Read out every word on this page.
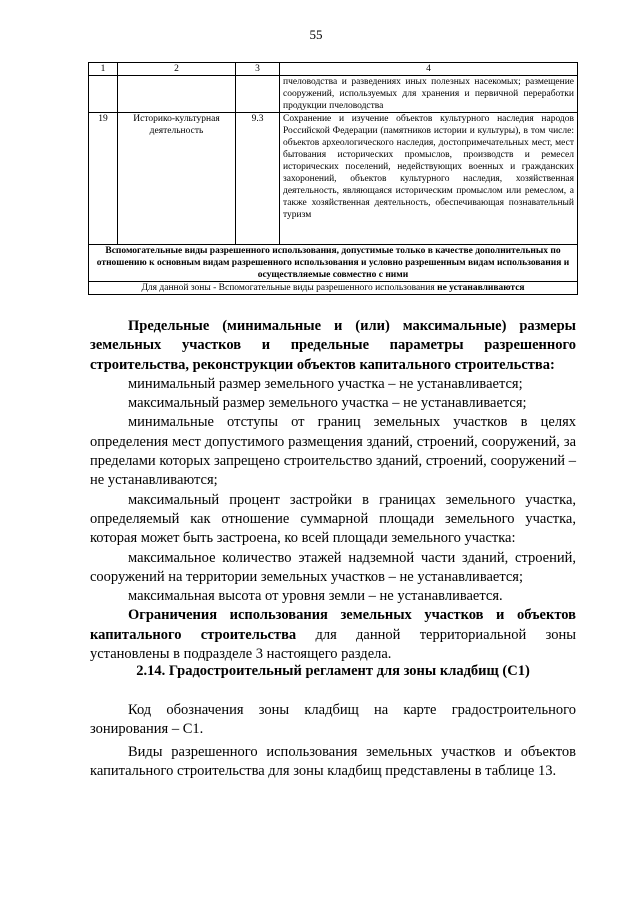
55
1	2	3	4
			пчеловодства и разведениях иных полезных насекомых; размещение сооружений, используемых для хранения и первичной переработки продукции пчеловодства
19	Историко-культурная деятельность	9.3	Сохранение и изучение объектов культурного наследия народов Российской Федерации (памятников истории и культуры), в том числе: объектов археологического наследия, достопримечательных мест, мест бытования исторических промыслов, производств и ремесел исторических поселений, недействующих военных и гражданских захоронений, объектов культурного наследия, хозяйственная деятельность, являющаяся историческим промыслом или ремеслом, а также хозяйственная деятельность, обеспечивающая познавательный туризм
Вспомогательные виды разрешенного использования, допустимые только в качестве дополнительных по отношению к основным видам разрешенного использования и условно разрешенным видам использования и осуществляемые совместно с ними			
Для данной зоны - Вспомогательные виды разрешенного использования не устанавливаются			

Предельные (минимальные и (или) максимальные) размеры земельных участков и предельные параметры разрешенного строительства, реконструкции объектов капитального строительства:

минимальный размер земельного участка – не устанавливается;

максимальный размер земельного участка – не устанавливается;

минимальные отступы от границ земельных участков в целях определения мест допустимого размещения зданий, строений, сооружений, за пределами которых запрещено строительство зданий, строений, сооружений – не устанавливаются;

максимальный процент застройки в границах земельного участка, определяемый как отношение суммарной площади земельного участка, которая может быть застроена, ко всей площади земельного участка:

максимальное количество этажей надземной части зданий, строений, сооружений на территории земельных участков – не устанавливается;

максимальная высота от уровня земли – не устанавливается.

Ограничения использования земельных участков и объектов капитального строительства для данной территориальной зоны установлены в подразделе 3 настоящего раздела.

2.14. Градостроительный регламент для зоны кладбищ (С1)

Код обозначения зоны кладбищ на карте градостроительного зонирования – С1.

Виды разрешенного использования земельных участков и объектов капитального строительства для зоны кладбищ представлены в таблице 13.
